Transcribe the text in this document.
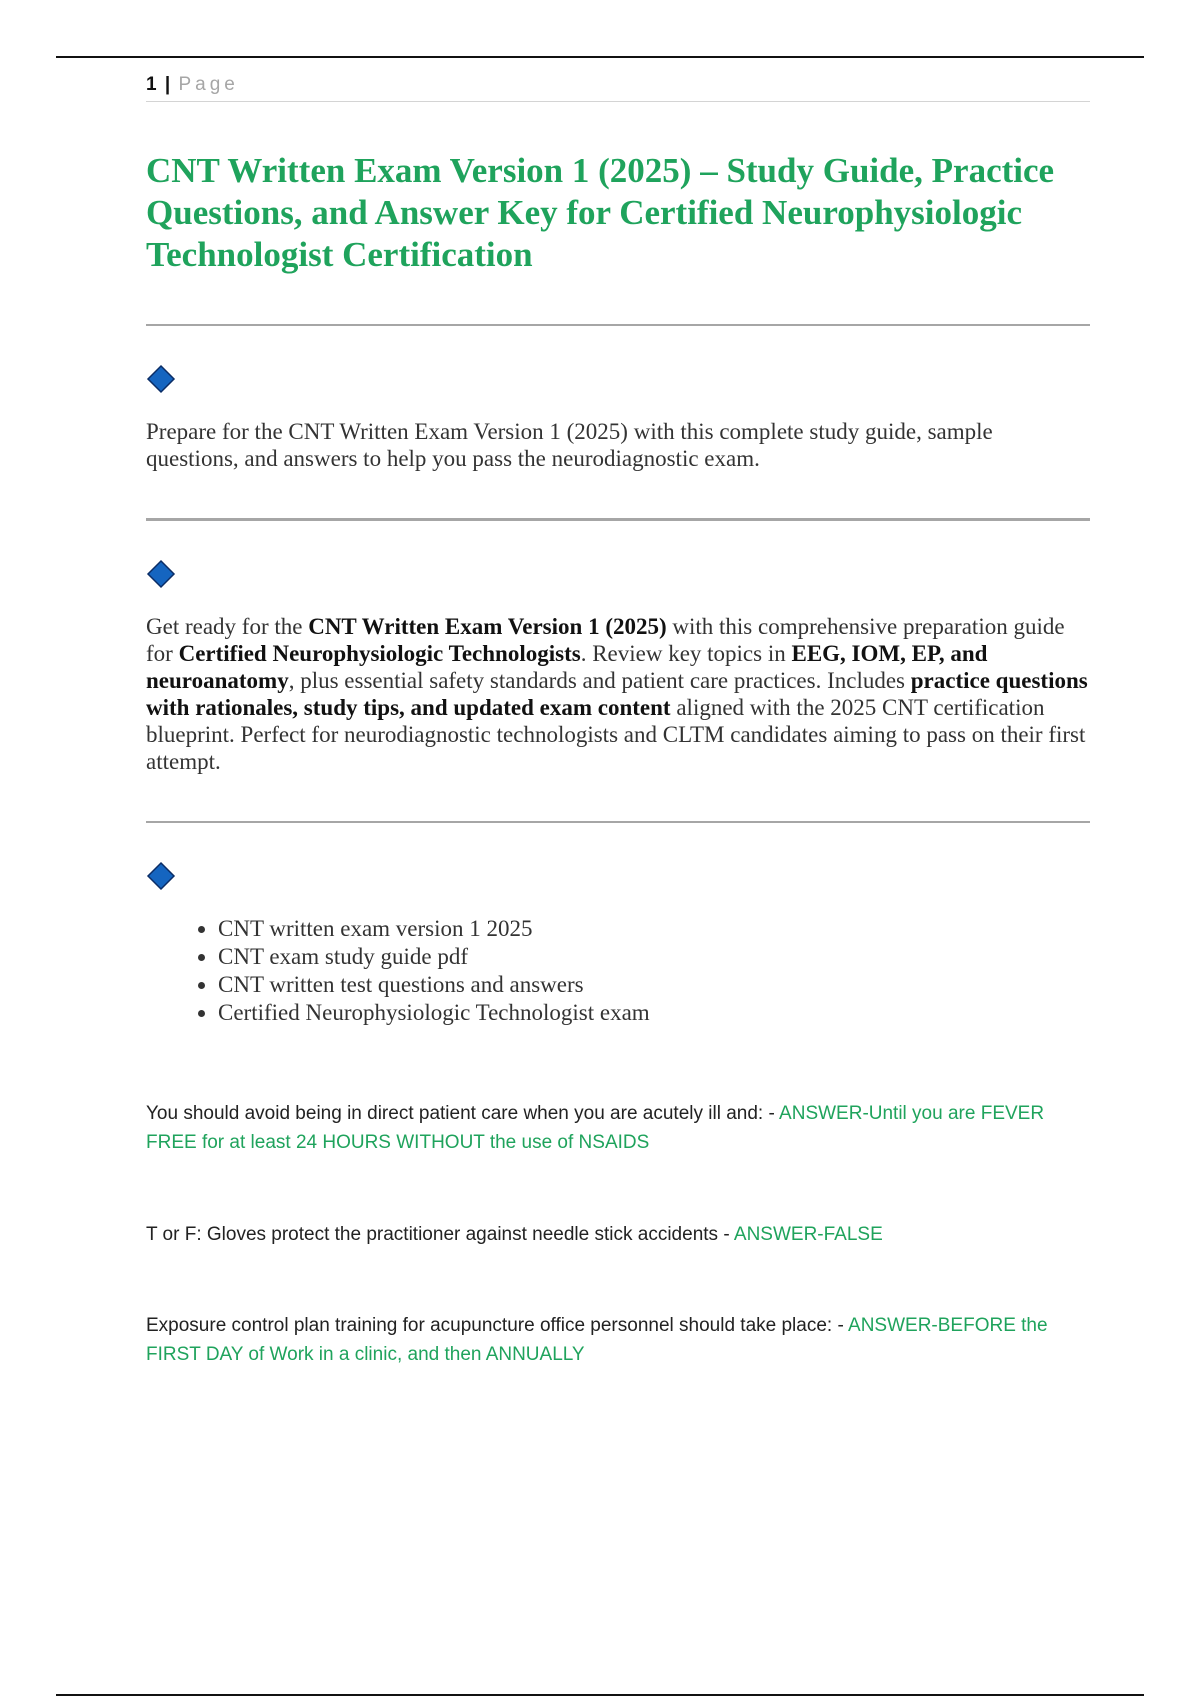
1 | Page
CNT Written Exam Version 1 (2025) – Study Guide, Practice Questions, and Answer Key for Certified Neurophysiologic Technologist Certification

Prepare for the CNT Written Exam Version 1 (2025) with this complete study guide, sample questions, and answers to help you pass the neurodiagnostic exam.

Get ready for the CNT Written Exam Version 1 (2025) with this comprehensive preparation guide for Certified Neurophysiologic Technologists. Review key topics in EEG, IOM, EP, and neuroanatomy, plus essential safety standards and patient care practices. Includes practice questions with rationales, study tips, and updated exam content aligned with the 2025 CNT certification blueprint. Perfect for neurodiagnostic technologists and CLTM candidates aiming to pass on their first attempt.

• CNT written exam version 1 2025
• CNT exam study guide pdf
• CNT written test questions and answers
• Certified Neurophysiologic Technologist exam

You should avoid being in direct patient care when you are acutely ill and: - ANSWER-Until you are FEVER FREE for at least 24 HOURS WITHOUT the use of NSAIDS

T or F: Gloves protect the practitioner against needle stick accidents - ANSWER-FALSE

Exposure control plan training for acupuncture office personnel should take place: - ANSWER-BEFORE the FIRST DAY of Work in a clinic, and then ANNUALLY
